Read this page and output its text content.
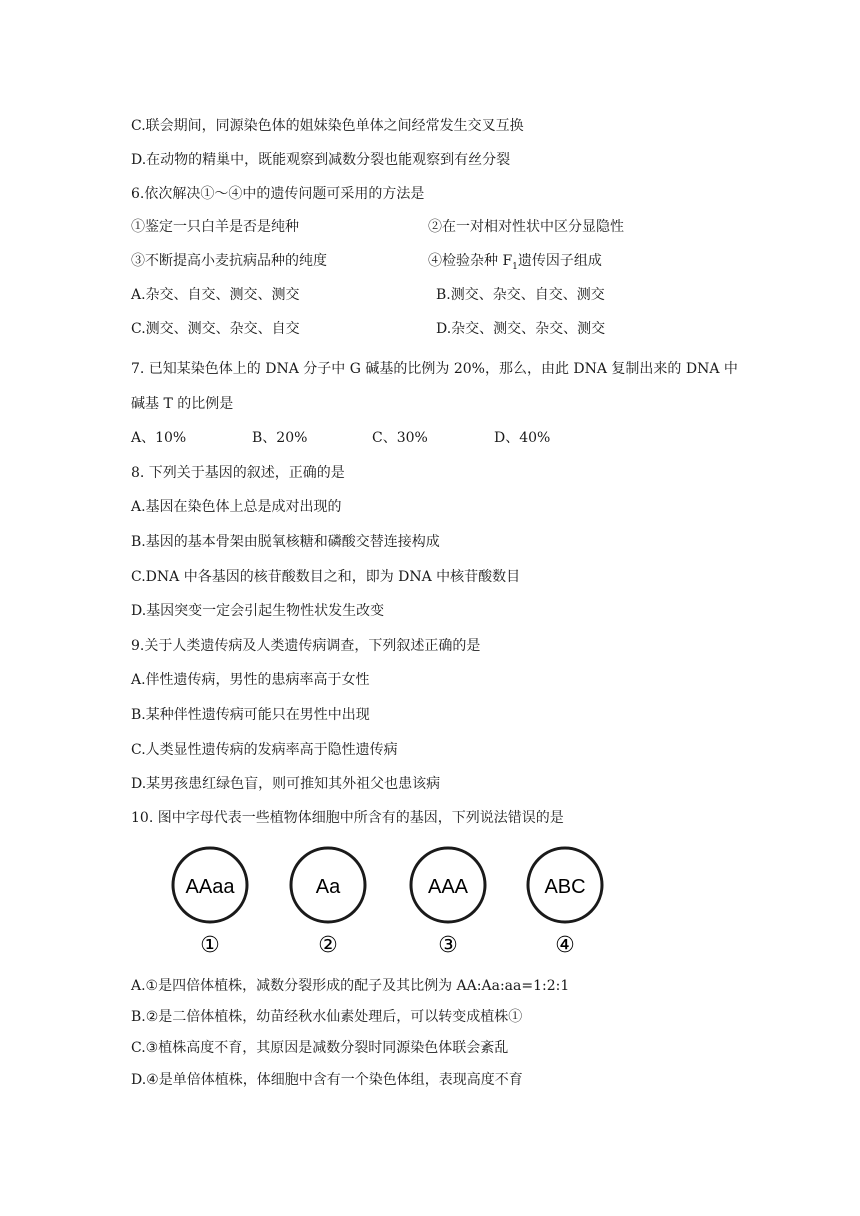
C.联会期间，同源染色体的姐妹染色单体之间经常发生交叉互换
D.在动物的精巢中，既能观察到减数分裂也能观察到有丝分裂
6.依次解决①～④中的遗传问题可采用的方法是
①鉴定一只白羊是否是纯种	②在一对相对性状中区分显隐性
③不断提高小麦抗病品种的纯度	④检验杂种 $F_1$遗传因子组成
A.杂交、自交、测交、测交	B.测交、杂交、自交、测交
C.测交、测交、杂交、自交	D.杂交、测交、杂交、测交
7. 已知某染色体上的 DNA 分子中 G 碱基的比例为 20%，那么，由此 DNA 复制出来的 DNA 中
碱基 T 的比例是
A、10%	B、20%	C、30%	D、40%
8. 下列关于基因的叙述，正确的是
A.基因在染色体上总是成对出现的
B.基因的基本骨架由脱氧核糖和磷酸交替连接构成
C.DNA 中各基因的核苷酸数目之和，即为 DNA 中核苷酸数目
D.基因突变一定会引起生物性状发生改变
9.关于人类遗传病及人类遗传病调查，下列叙述正确的是
A.伴性遗传病，男性的患病率高于女性
B.某种伴性遗传病可能只在男性中出现
C.人类显性遗传病的发病率高于隐性遗传病
D.某男孩患红绿色盲，则可推知其外祖父也患该病
10. 图中字母代表一些植物体细胞中所含有的基因，下列说法错误的是
AAaa
①
Aa
②
AAA
③
ABC
④
A.①是四倍体植株，减数分裂形成的配子及其比例为 AA:Aa:aa=1:2:1
B.②是二倍体植株，幼苗经秋水仙素处理后，可以转变成植株①
C.③植株高度不育，其原因是减数分裂时同源染色体联会紊乱
D.④是单倍体植株，体细胞中含有一个染色体组，表现高度不育
